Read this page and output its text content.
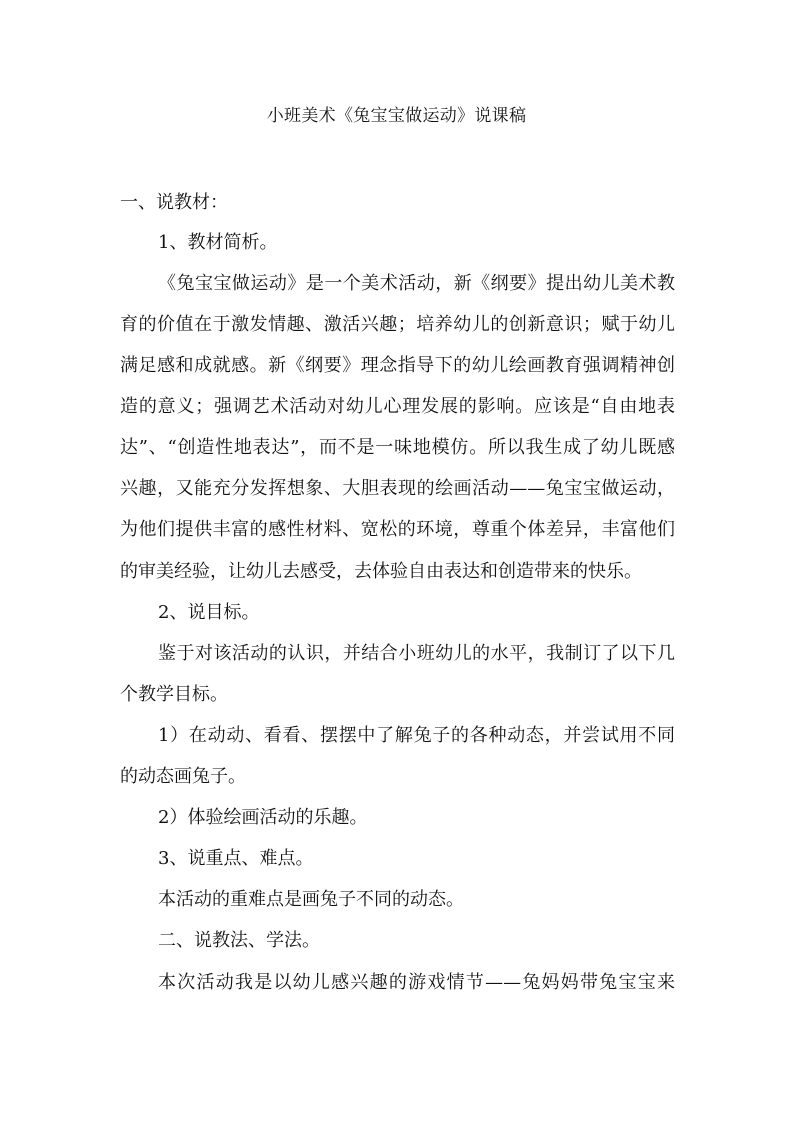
小班美术《兔宝宝做运动》说课稿
一、说教材：
1、教材简析。
《兔宝宝做运动》是一个美术活动，新《纲要》提出幼儿美术教
育的价值在于激发情趣、激活兴趣；培养幼儿的创新意识；赋于幼儿
满足感和成就感。新《纲要》理念指导下的幼儿绘画教育强调精神创
造的意义；强调艺术活动对幼儿心理发展的影响。应该是“自由地表
达”、“创造性地表达”，而不是一味地模仿。所以我生成了幼儿既感
兴趣，又能充分发挥想象、大胆表现的绘画活动——兔宝宝做运动，
为他们提供丰富的感性材料、宽松的环境，尊重个体差异，丰富他们
的审美经验，让幼儿去感受，去体验自由表达和创造带来的快乐。
2、说目标。
鉴于对该活动的认识，并结合小班幼儿的水平，我制订了以下几
个教学目标。
1）在动动、看看、摆摆中了解兔子的各种动态，并尝试用不同
的动态画兔子。
2）体验绘画活动的乐趣。
3、说重点、难点。
本活动的重难点是画兔子不同的动态。
二、说教法、学法。
本次活动我是以幼儿感兴趣的游戏情节——兔妈妈带兔宝宝来
